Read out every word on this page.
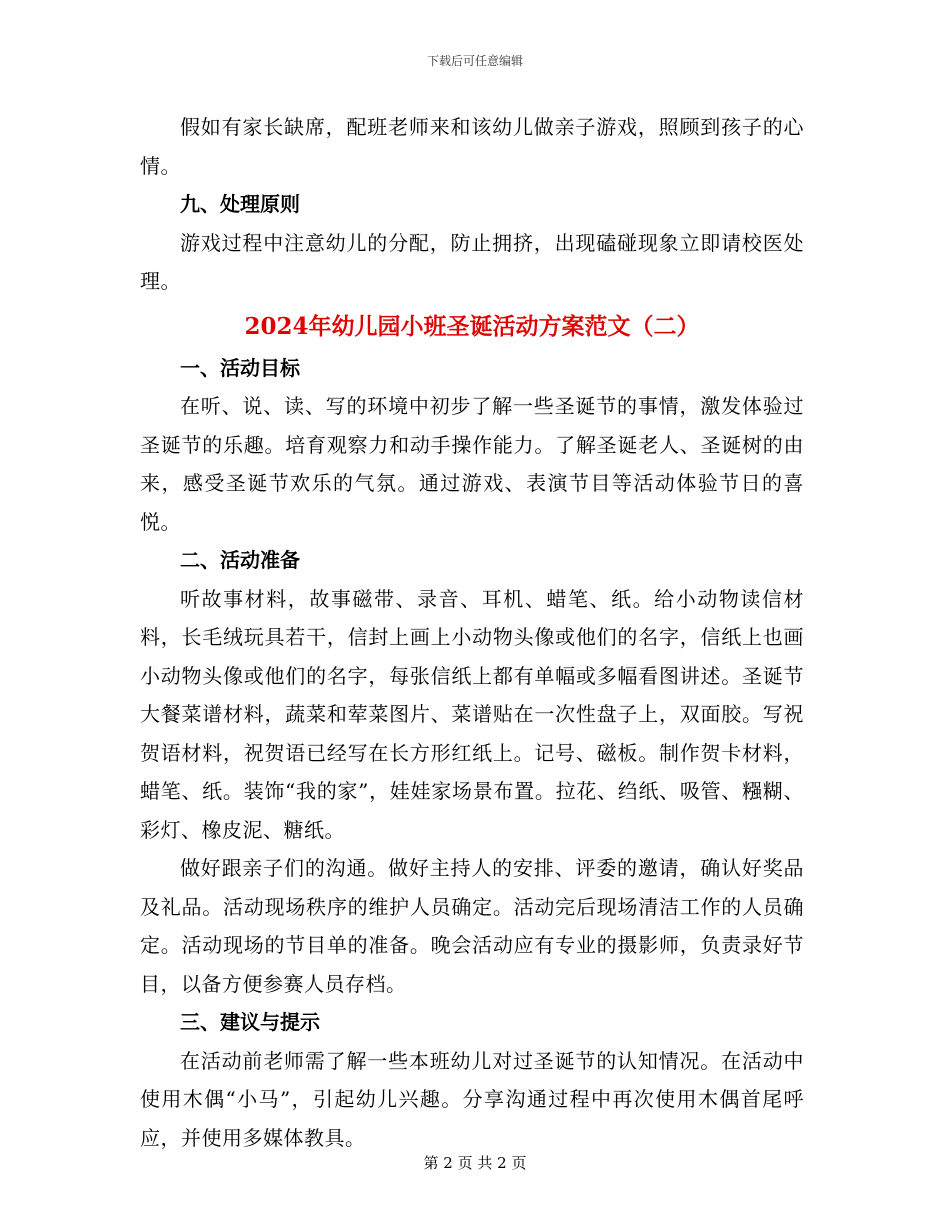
下载后可任意编辑

假如有家长缺席，配班老师来和该幼儿做亲子游戏，照顾到孩子的心情。

九、处理原则

游戏过程中注意幼儿的分配，防止拥挤，出现磕碰现象立即请校医处理。

2024年幼儿园小班圣诞活动方案范文（二）

一、活动目标

在听、说、读、写的环境中初步了解一些圣诞节的事情，激发体验过圣诞节的乐趣。培育观察力和动手操作能力。了解圣诞老人、圣诞树的由来，感受圣诞节欢乐的气氛。通过游戏、表演节目等活动体验节日的喜悦。

二、活动准备

听故事材料，故事磁带、录音、耳机、蜡笔、纸。给小动物读信材料，长毛绒玩具若干，信封上画上小动物头像或他们的名字，信纸上也画小动物头像或他们的名字，每张信纸上都有单幅或多幅看图讲述。圣诞节大餐菜谱材料，蔬菜和荤菜图片、菜谱贴在一次性盘子上，双面胶。写祝贺语材料，祝贺语已经写在长方形红纸上。记号、磁板。制作贺卡材料，蜡笔、纸。装饰“我的家”，娃娃家场景布置。拉花、绉纸、吸管、糨糊、彩灯、橡皮泥、糖纸。

做好跟亲子们的沟通。做好主持人的安排、评委的邀请，确认好奖品及礼品。活动现场秩序的维护人员确定。活动完后现场清洁工作的人员确定。活动现场的节目单的准备。晚会活动应有专业的摄影师，负责录好节目，以备方便参赛人员存档。

三、建议与提示

在活动前老师需了解一些本班幼儿对过圣诞节的认知情况。在活动中使用木偶“小马”，引起幼儿兴趣。分享沟通过程中再次使用木偶首尾呼应，并使用多媒体教具。

第 2 页 共 2 页
